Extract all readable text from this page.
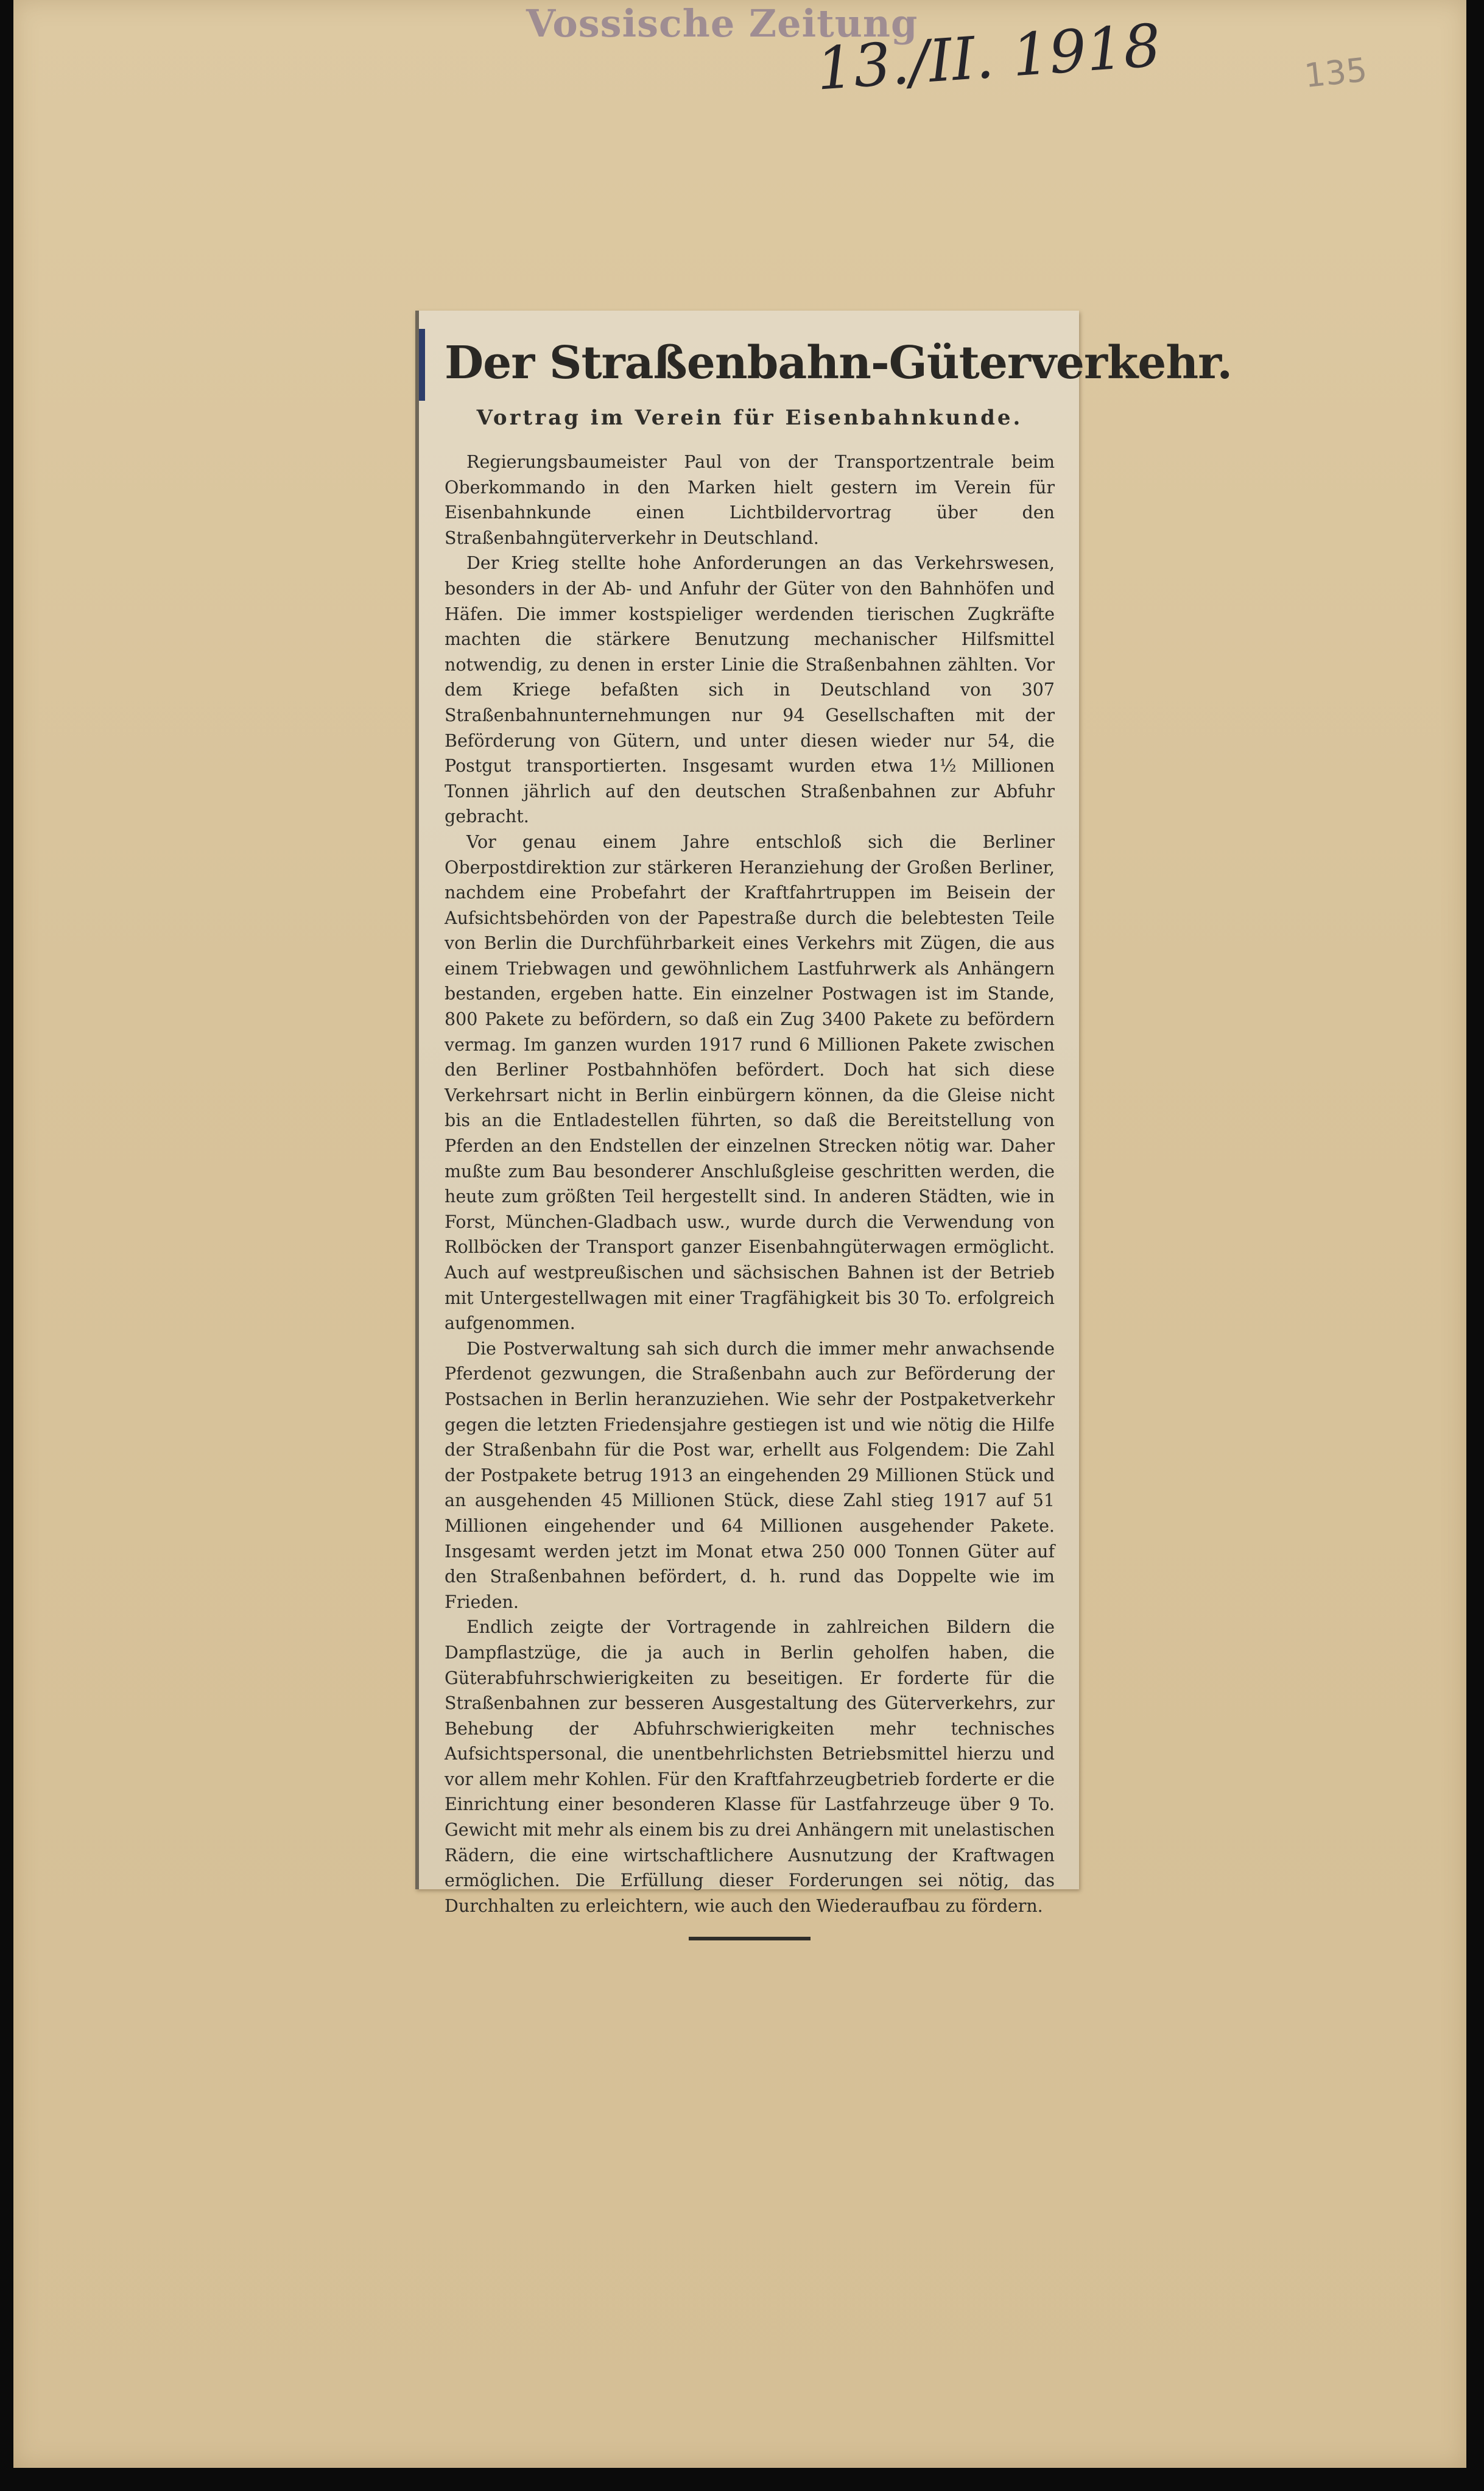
Vossische Zeitung
13./II. 1918	135
Der Straßenbahn-Güterverkehr.
Vortrag im Verein für Eisenbahnkunde.

Regierungsbaumeister Paul von der Transportzentrale beim Oberkommando in den Marken hielt gestern im Verein für Eisenbahnkunde einen Lichtbildervortrag über den Straßenbahngüterverkehr in Deutschland.

Der Krieg stellte hohe Anforderungen an das Verkehrswesen, besonders in der Ab- und Anfuhr der Güter von den Bahnhöfen und Häfen. Die immer kostspieliger werdenden tierischen Zugkräfte machten die stärkere Benutzung mechanischer Hilfsmittel notwendig, zu denen in erster Linie die Straßenbahnen zählten. Vor dem Kriege befaßten sich in Deutschland von 307 Straßenbahnunternehmungen nur 94 Gesellschaften mit der Beförderung von Gütern, und unter diesen wieder nur 54, die Postgut transportierten. Insgesamt wurden etwa 1½ Millionen Tonnen jährlich auf den deutschen Straßenbahnen zur Abfuhr gebracht.

Vor genau einem Jahre entschloß sich die Berliner Oberpostdirektion zur stärkeren Heranziehung der Großen Berliner, nachdem eine Probefahrt der Kraftfahrtruppen im Beisein der Aufsichtsbehörden von der Papestraße durch die belebtesten Teile von Berlin die Durchführbarkeit eines Verkehrs mit Zügen, die aus einem Triebwagen und gewöhnlichem Lastfuhrwerk als Anhängern bestanden, ergeben hatte. Ein einzelner Postwagen ist im Stande, 800 Pakete zu befördern, so daß ein Zug 3400 Pakete zu befördern vermag. Im ganzen wurden 1917 rund 6 Millionen Pakete zwischen den Berliner Postbahnhöfen befördert. Doch hat sich diese Verkehrsart nicht in Berlin einbürgern können, da die Gleise nicht bis an die Entladestellen führten, so daß die Bereitstellung von Pferden an den Endstellen der einzelnen Strecken nötig war. Daher mußte zum Bau besonderer Anschlußgleise geschritten werden, die heute zum größten Teil hergestellt sind. In anderen Städten, wie in Forst, München-Gladbach usw., wurde durch die Verwendung von Rollböcken der Transport ganzer Eisenbahngüterwagen ermöglicht. Auch auf westpreußischen und sächsischen Bahnen ist der Betrieb mit Untergestellwagen mit einer Tragfähigkeit bis 30 To. erfolgreich aufgenommen.

Die Postverwaltung sah sich durch die immer mehr anwachsende Pferdenot gezwungen, die Straßenbahn auch zur Beförderung der Postsachen in Berlin heranzuziehen. Wie sehr der Postpaketverkehr gegen die letzten Friedensjahre gestiegen ist und wie nötig die Hilfe der Straßenbahn für die Post war, erhellt aus Folgendem: Die Zahl der Postpakete betrug 1913 an eingehenden 29 Millionen Stück und an ausgehenden 45 Millionen Stück, diese Zahl stieg 1917 auf 51 Millionen eingehender und 64 Millionen ausgehender Pakete. Insgesamt werden jetzt im Monat etwa 250 000 Tonnen Güter auf den Straßenbahnen befördert, d. h. rund das Doppelte wie im Frieden.

Endlich zeigte der Vortragende in zahlreichen Bildern die Dampflastzüge, die ja auch in Berlin geholfen haben, die Güterabfuhrschwierigkeiten zu beseitigen. Er forderte für die Straßenbahnen zur besseren Ausgestaltung des Güterverkehrs, zur Behebung der Abfuhrschwierigkeiten mehr technisches Aufsichtspersonal, die unentbehrlichsten Betriebsmittel hierzu und vor allem mehr Kohlen. Für den Kraftfahrzeugbetrieb forderte er die Einrichtung einer besonderen Klasse für Lastfahrzeuge über 9 To. Gewicht mit mehr als einem bis zu drei Anhängern mit unelastischen Rädern, die eine wirtschaftlichere Ausnutzung der Kraftwagen ermöglichen. Die Erfüllung dieser Forderungen sei nötig, das Durchhalten zu erleichtern, wie auch den Wiederaufbau zu fördern.
